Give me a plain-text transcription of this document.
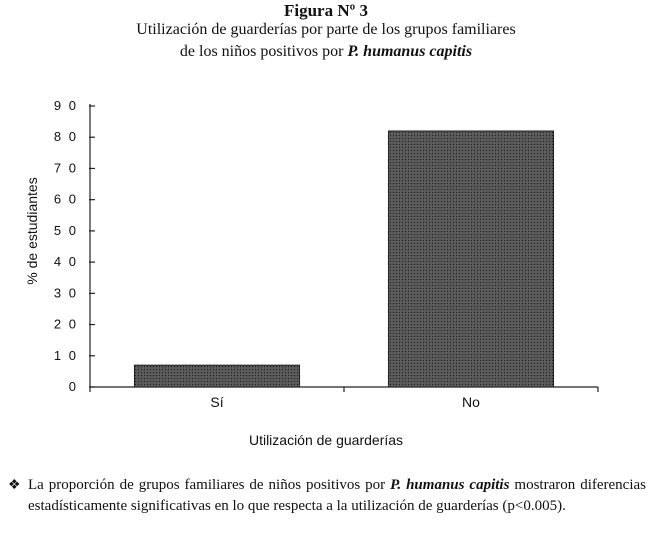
Figura Nº 3
Utilización de guarderías por parte de los grupos familiares
de los niños positivos por P. humanus capitis
0
1 0
2 0
3 0
4 0
5 0
6 0
7 0
8 0
9 0
Sí	No
% de estudiantes
Utilización de guarderías
❖ La proporción de grupos familiares de niños positivos por P. humanus capitis mostraron diferencias estadísticamente significativas en lo que respecta a la utilización de guarderías (p<0.005).
